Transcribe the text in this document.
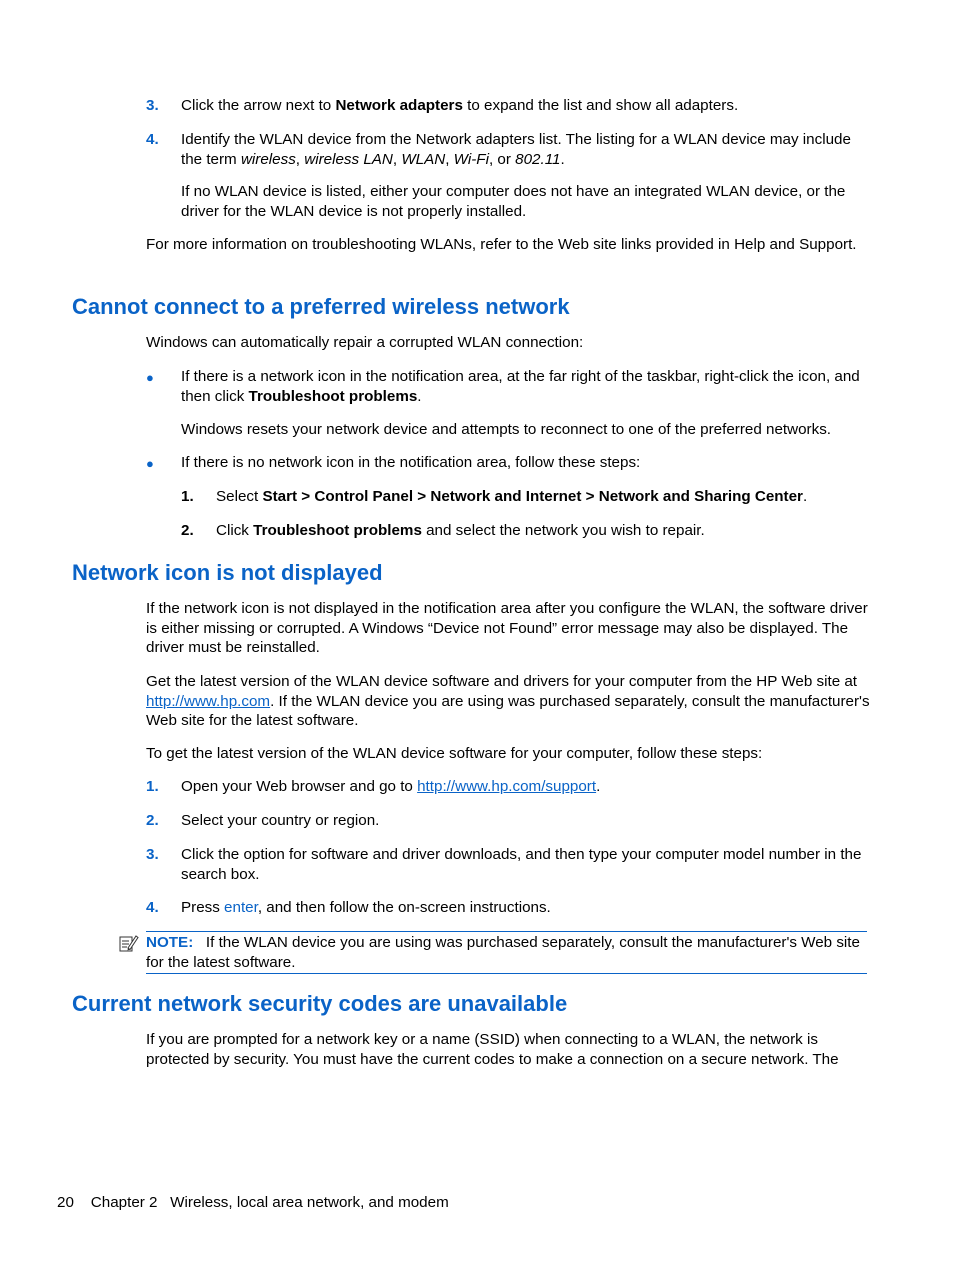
3. Click the arrow next to Network adapters to expand the list and show all adapters.
4. Identify the WLAN device from the Network adapters list. The listing for a WLAN device may include
the term wireless, wireless LAN, WLAN, Wi-Fi, or 802.11.
If no WLAN device is listed, either your computer does not have an integrated WLAN device, or the driver for the WLAN device is not properly installed.
For more information on troubleshooting WLANs, refer to the Web site links provided in Help and Support.
Cannot connect to a preferred wireless network
Windows can automatically repair a corrupted WLAN connection:
● If there is a network icon in the notification area, at the far right of the taskbar, right-click the icon, and then click Troubleshoot problems.
Windows resets your network device and attempts to reconnect to one of the preferred networks.
● If there is no network icon in the notification area, follow these steps:
1. Select Start > Control Panel > Network and Internet > Network and Sharing Center.
2. Click Troubleshoot problems and select the network you wish to repair.
Network icon is not displayed
If the network icon is not displayed in the notification area after you configure the WLAN, the software driver is either missing or corrupted. A Windows “Device not Found” error message may also be displayed. The driver must be reinstalled.
Get the latest version of the WLAN device software and drivers for your computer from the HP Web site at http://www.hp.com. If the WLAN device you are using was purchased separately, consult the manufacturer's Web site for the latest software.
To get the latest version of the WLAN device software for your computer, follow these steps:
1. Open your Web browser and go to http://www.hp.com/support.
2. Select your country or region.
3. Click the option for software and driver downloads, and then type your computer model number in the search box.
4. Press enter, and then follow the on-screen instructions.
NOTE: If the WLAN device you are using was purchased separately, consult the manufacturer's Web site for the latest software.
Current network security codes are unavailable
If you are prompted for a network key or a name (SSID) when connecting to a WLAN, the network is protected by security. You must have the current codes to make a connection on a secure network. The
20 Chapter 2 Wireless, local area network, and modem
